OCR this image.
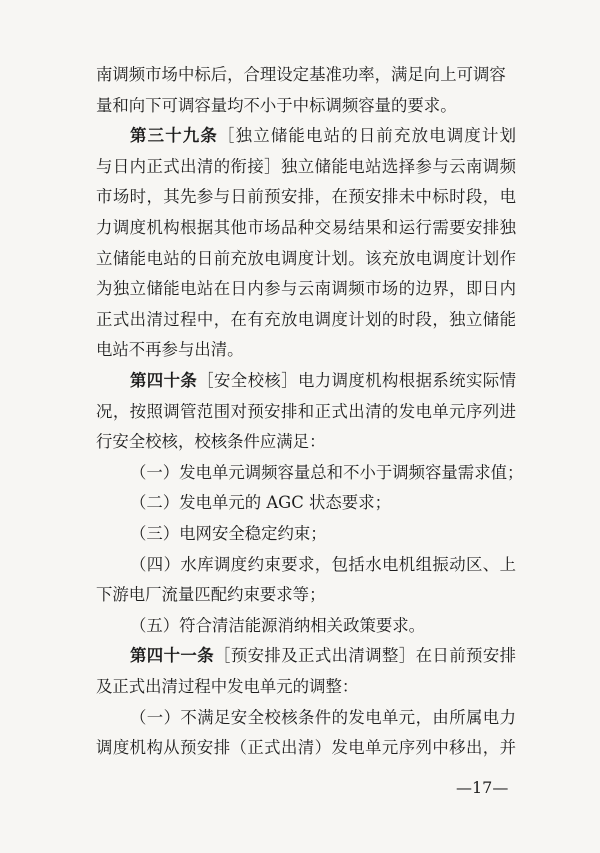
南调频市场中标后，合理设定基准功率，满足向上可调容
量和向下可调容量均不小于中标调频容量的要求。
第三十九条［独立储能电站的日前充放电调度计划
与日内正式出清的衔接］独立储能电站选择参与云南调频
市场时，其先参与日前预安排，在预安排未中标时段，电
力调度机构根据其他市场品种交易结果和运行需要安排独
立储能电站的日前充放电调度计划。该充放电调度计划作
为独立储能电站在日内参与云南调频市场的边界，即日内
正式出清过程中，在有充放电调度计划的时段，独立储能
电站不再参与出清。
第四十条［安全校核］电力调度机构根据系统实际情
况，按照调管范围对预安排和正式出清的发电单元序列进
行安全校核，校核条件应满足：
（一）发电单元调频容量总和不小于调频容量需求值；
（二）发电单元的 AGC 状态要求；
（三）电网安全稳定约束；
（四）水库调度约束要求，包括水电机组振动区、上
下游电厂流量匹配约束要求等；
（五）符合清洁能源消纳相关政策要求。
（一）不满足安全校核条件的发电单元，由所属电力
调度机构从预安排（正式出清）发电单元序列中移出，并
—17—
第四十一条［预安排及正式出清调整］在日前预安排
及正式出清过程中发电单元的调整：
